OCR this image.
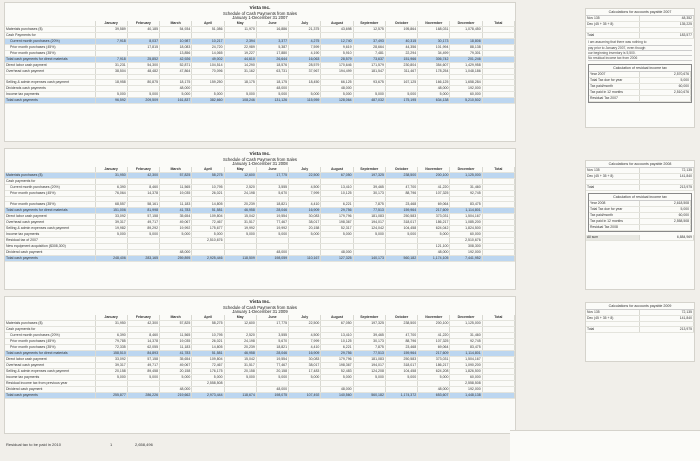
Vista Inc.
Schedule of Cash Payments from Sales
January 1-December 31 2007
	January	February	March	April	May	June	July	August	September	October	November	December	Total
Materials purchases ($)	39,589	40,185	54,934	51,086	11,970	16,886	21,375	43,698	12,575	195,864	168,031	1,078,450	
Cash Payments for													
Current month purchases (20%)	7,918	8,037	10,987	10,217	2,394	3,377	4,275	12,740	37,493	40,315	30,173	18,806	
Prior month purchases (45%)		17,815	18,083	24,720	22,989	5,387	7,599	9,619	28,664	44,356	101,994	88,138	
Prior month purchases (35%)			13,856	14,065	19,227	17,880	4,190	5,910	7,481	22,294	34,499	79,301	
Total cash payments for direct materials	7,918	25,852	42,926	49,002	44,610	26,644	16,063	28,579	73,637	151,966	306,742	201,246	
Direct labor cash payment	31,231	54,300	52,871	104,514	14,290	18,576	28,579	170,646	171,579	230,804	354,607	1,429,958	
Overhead cash payment	38,504	48,482	47,864	70,096	31,162	63,731	37,967	194,499	181,547	311,467	178,254	1,048,186	

Selling & admin expenses cash payment	18,958	80,875	18,175	159,250	18,175	18,175	18,450	66,125	93,675	167,125	166,125	1,658,284	
Dividends cash payments			48,000			48,000		48,000			48,000	192,000	
Income tax payments	5,000	5,000	5,000	5,000	5,000	5,000	5,000	5,000	5,000	5,000	5,000	60,000	
Total cash payments	96,592	209,509	161,837	382,660	108,246	131,126	115,959	128,064	487,032	175,195	634,138	5,210,502	
Vista Inc.
Schedule of Cash Payments from Sales
January 1-December 31 2008
	January	February	March	April	May	June	July	August	September	October	November	December	Total
Materials purchases ($)	31,950	42,300	57,825	58,275	12,600	17,775	22,500	67,050	197,325	238,500	200,100	1,125,000	
Cash payments for													
Current month purchases (20%)	6,390	8,460	11,565	10,795	2,520	3,555	4,500	13,410	39,465	47,700	41,220	31,460	
Prior month purchases (45%)	76,064	14,378	19,035	26,021	24,198	5,670	7,999	10,125	30,173	88,796	107,325	92,745	

Prior month purchases (35%)	68,557	58,161	11,183	14,805	20,239	18,821	4,410	6,221	7,875	23,468	69,064	83,475	
Total cash payments for direct materials	151,006	81,998	41,783	51,581	46,958	28,046	16,909	29,756	77,513	159,964	217,609	1,114,801	
Direct labor cash payment	33,092	57,158	35,654	109,804	15,042	19,554	30,083	179,796	181,083	250,583	373,031	1,504,167	
Overhead cash payment	39,317	49,717	49,067	72,467	31,517	77,467	38,017	198,367	194,017	318,017	186,217	1,085,200	
Selling & admin expenses cash payment	19,982	89,292	19,992	175,677	19,992	19,992	20,158	52,317	124,042	104,458	624,042	1,824,500	
Income tax payments	5,000	5,000	5,000	5,000	5,000	5,000	5,000	5,000	5,000	5,000	5,000	60,000	
Residual tax of 2007				2,510,676								2,510,676	
New equipment acquisition ($308,300)											121,100	308,300	
Dividend cash payment			48,000			48,000		48,000			48,000	192,000	
Total cash payments	248,406	283,165	259,895	2,925,446	118,509	198,059	110,167	127,325	140,173	560,182	1,174,105	7,441,952	
Vista Inc.
Schedule of Cash Payments from Sales
January 1-December 31 2009
	January	February	March	April	May	June	July	August	September	October	November	December	Total
Materials purchases ($)	31,950	42,300	57,825	58,275	12,600	17,775	22,500	67,050	197,325	238,500	200,100	1,125,000	
Cash payments for													
Current month purchases (20%)	6,390	8,460	11,565	10,795	2,520	3,555	4,500	13,410	39,465	47,700	41,220	31,460	
Prior month purchases (45%)	79,785	14,378	19,035	26,021	24,198	5,670	7,999	10,125	30,173	88,796	107,325	92,745	
Prior month purchases (35%)	72,335	62,055	11,183	14,805	20,239	18,821	4,410	6,221	7,875	23,468	69,064	83,475	
Total cash payments for direct materials	158,510	84,893	41,783	51,581	46,958	28,046	16,909	29,756	77,513	159,964	217,609	1,114,801	
Direct labor cash payment	33,092	57,158	35,654	109,804	15,042	19,554	30,083	179,796	181,083	250,583	373,031	1,504,167	
Overhead cash payment	39,317	49,717	49,067	72,467	31,517	77,467	38,017	198,367	194,017	318,017	186,217	1,090,200	
Selling & admin expenses cash payment	20,158	89,458	20,158	176,175	20,158	20,158	17,483	52,483	124,208	104,458	624,208	1,826,500	
Income tax payments	5,000	5,000	5,000	5,000	5,000	5,000	5,000	5,000	5,000	5,000	5,000	60,000	
Residual income tax from previous year				2,558,508								2,558,508	
Dividend cash payment			48,000			48,000		48,000			48,000	192,000	
Total cash payments	255,877	286,226	219,662	2,973,444	118,674	198,075	107,492	140,560	560,182	1,174,372	653,607	1,448,138	
Calculations for accounts payable 2007
Nov 135	48,352
Dec (45 + 35 + 8)	135,225

Total	183,577
I am assuming that there was nothing to
pay prior to January 2007, even though
our beginning inventory is 5,500.
No residual income tax from 2006
Calculation of residual income tax
Year 2007	2,570,676
Total Tax due for year	5,000
Tax paid/month	60,000
Tax paid in 12 months	2,510,676
Residual Tax 2007	
Calculations for accounts payable 2008
Nov 135	72,135
Dec (45 + 35 + 8)	141,840

Total	213,975
Calculation of residual income tax
Year 2008	2,618,508
Total Tax due for year	5,000
Tax paid/month	60,000
Tax paid in 12 months	2,558,508
Residual Tax 2008	
All sum	6,884,969
Calculations for accounts payable 2009
Nov 135	72,135
Dec (45 + 35 + 8)	141,840

Total	213,975
Residual tax to be paid in 2010	1	2,658,496
